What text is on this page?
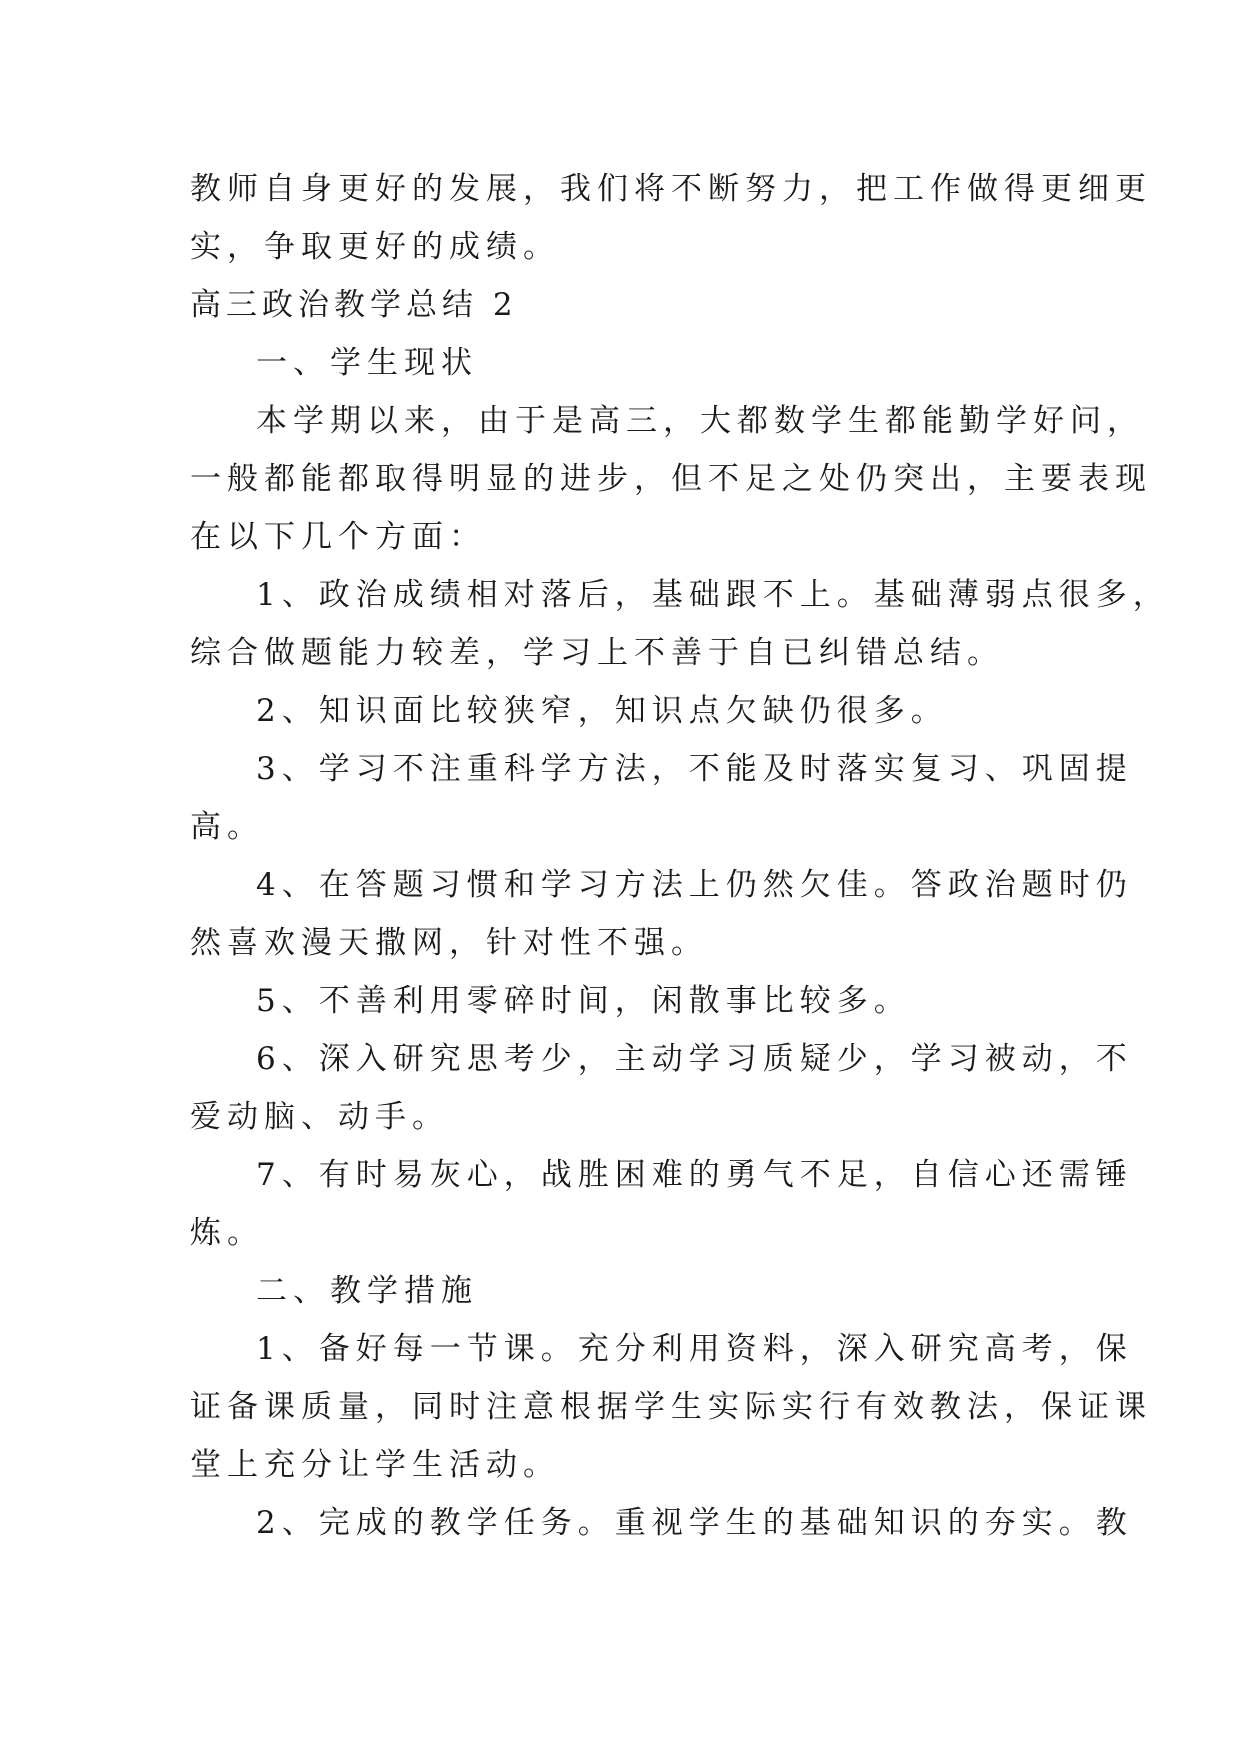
教师自身更好的发展，我们将不断努力，把工作做得更细更
实，争取更好的成绩。
高三政治教学总结 2
一、学生现状
本学期以来，由于是高三，大都数学生都能勤学好问，
一般都能都取得明显的进步，但不足之处仍突出，主要表现
在以下几个方面：
1、政治成绩相对落后，基础跟不上。基础薄弱点很多，
综合做题能力较差，学习上不善于自已纠错总结。
2、知识面比较狭窄，知识点欠缺仍很多。
3、学习不注重科学方法，不能及时落实复习、巩固提
高。
4、在答题习惯和学习方法上仍然欠佳。答政治题时仍
然喜欢漫天撒网，针对性不强。
5、不善利用零碎时间，闲散事比较多。
6、深入研究思考少，主动学习质疑少，学习被动，不
爱动脑、动手。
7、有时易灰心，战胜困难的勇气不足，自信心还需锤
炼。
二、教学措施
1、备好每一节课。充分利用资料，深入研究高考，保
证备课质量，同时注意根据学生实际实行有效教法，保证课
堂上充分让学生活动。
2、完成的教学任务。重视学生的基础知识的夯实。教
